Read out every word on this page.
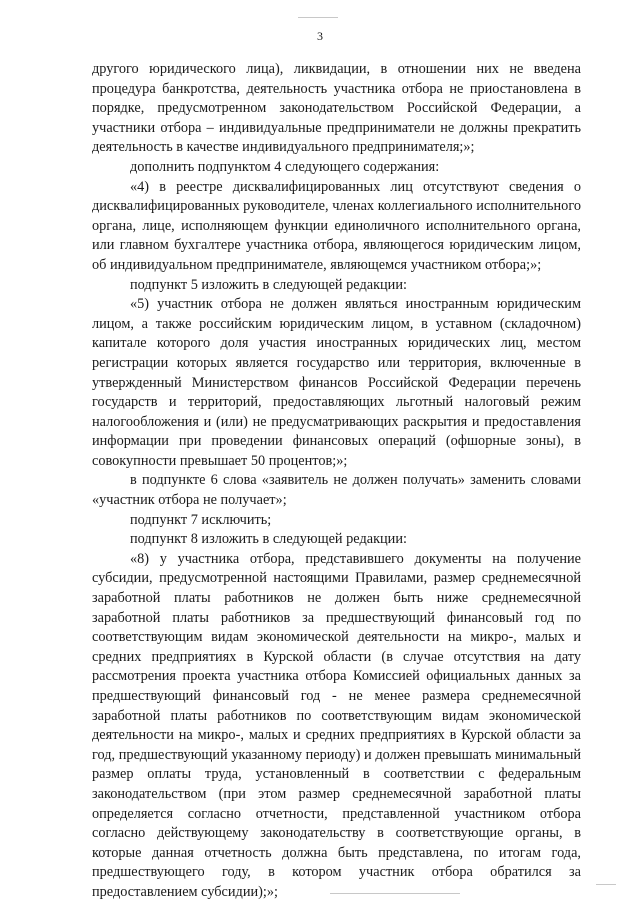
3

другого юридического лица), ликвидации, в отношении них не введена процедура банкротства, деятельность участника отбора не приостановлена в порядке, предусмотренном законодательством Российской Федерации, а участники отбора – индивидуальные предприниматели не должны прекратить деятельность в качестве индивидуального предпринимателя;»;

дополнить подпунктом 4 следующего содержания:

«4) в реестре дисквалифицированных лиц отсутствуют сведения о дисквалифицированных руководителе, членах коллегиального исполнительного органа, лице, исполняющем функции единоличного исполнительного органа, или главном бухгалтере участника отбора, являющегося юридическим лицом, об индивидуальном предпринимателе, являющемся участником отбора;»;

подпункт 5 изложить в следующей редакции:

«5) участник отбора не должен являться иностранным юридическим лицом, а также российским юридическим лицом, в уставном (складочном) капитале которого доля участия иностранных юридических лиц, местом регистрации которых является государство или территория, включенные в утвержденный Министерством финансов Российской Федерации перечень государств и территорий, предоставляющих льготный налоговый режим налогообложения и (или) не предусматривающих раскрытия и предоставления информации при проведении финансовых операций (офшорные зоны), в совокупности превышает 50 процентов;»;

в подпункте 6 слова «заявитель не должен получать» заменить словами «участник отбора не получает»;

подпункт 7 исключить;

подпункт 8 изложить в следующей редакции:

«8) у участника отбора, представившего документы на получение субсидии, предусмотренной настоящими Правилами, размер среднемесячной заработной платы работников не должен быть ниже среднемесячной заработной платы работников за предшествующий финансовый год по соответствующим видам экономической деятельности на микро-, малых и средних предприятиях в Курской области (в случае отсутствия на дату рассмотрения проекта участника отбора Комиссией официальных данных за предшествующий финансовый год - не менее размера среднемесячной заработной платы работников по соответствующим видам экономической деятельности на микро-, малых и средних предприятиях в Курской области за год, предшествующий указанному периоду) и должен превышать минимальный размер оплаты труда, установленный в соответствии с федеральным законодательством (при этом размер среднемесячной заработной платы определяется согласно отчетности, представленной участником отбора согласно действующему законодательству в соответствующие органы, в которые данная отчетность должна быть представлена, по итогам года, предшествующего году, в котором участник отбора обратился за предоставлением субсидии);»;
